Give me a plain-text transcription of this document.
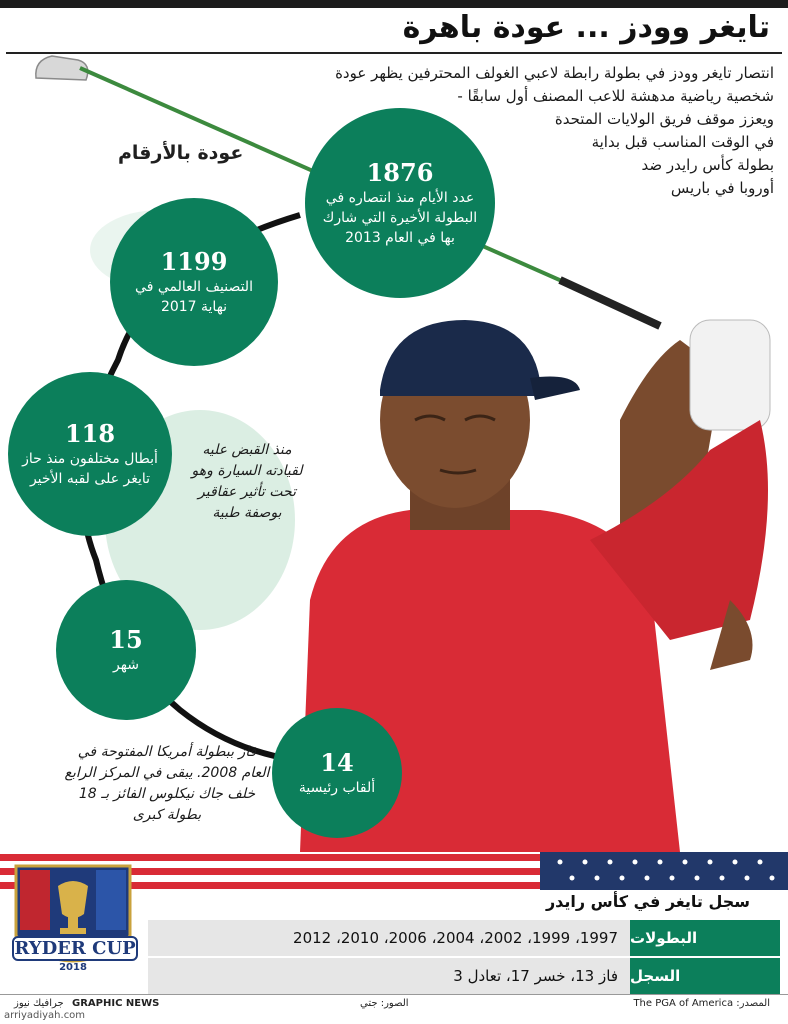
تايغر وودز ... عودة باهرة

انتصار تايغر وودز في بطولة رابطة لاعبي الغولف المحترفين يظهر عودة

شخصية رياضية مدهشة للاعب المصنف أول سابقًا -

ويعزز موقف فريق الولايات المتحدة

في الوقت المناسب قبل بداية

بطولة كأس رايدر ضد

أوروبا في باريس

عودة بالأرقام
1876
عدد الأيام منذ انتصاره في البطولة الأخيرة التي شارك بها في العام 2013
1199
التصنيف العالمي في نهاية 2017
118
أبطال مختلفون منذ حاز تايغر على لقبه الأخير
15
شهر
14
ألقاب رئيسية
منذ القبض عليه لقيادته السيارة وهو تحت تأثير عقاقير بوصفة طبية
فاز ببطولة أمريكا المفتوحة في العام 2008. يبقى في المركز الرابع خلف جاك نيكلوس الفائز بـ 18 بطولة كبرى
RYDER CUP
2018
سجل تايغر في كأس رايدر
البطولات
1997، 1999، 2002، 2004، 2006، 2010، 2012
السجل
فاز 13، خسر 17، تعادل 3
المصدر: The PGA of America
الصور: جتي
GRAPHIC NEWS
جرافيك نيوز
arriyadiyah.com
